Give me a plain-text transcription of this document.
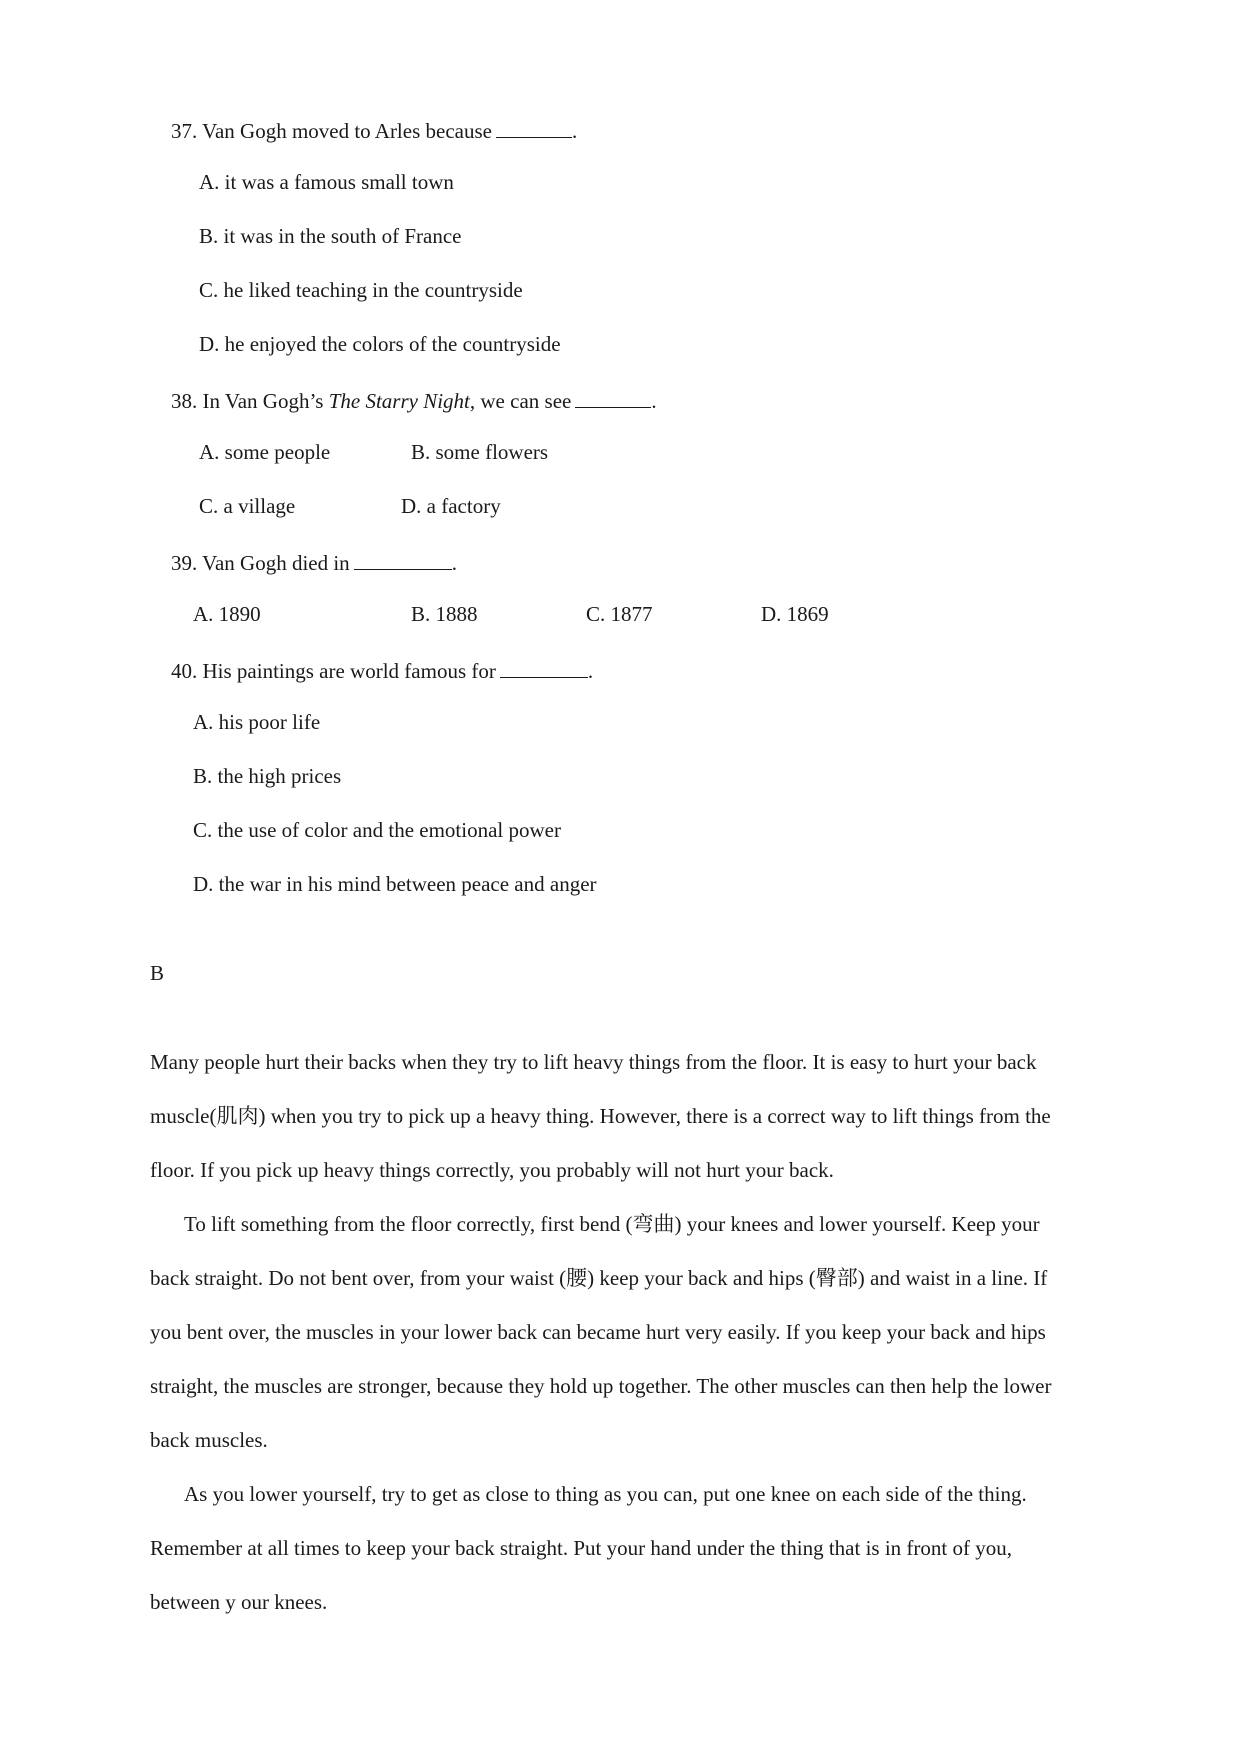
37. Van Gogh moved to Arles because	.
A. it was a famous small town
B. it was in the south of France
C. he liked teaching in the countryside
D. he enjoyed the colors of the countryside
38. In Van Gogh’s The Starry Night, we can see	.
A. some people	B. some flowers
C. a village	D. a factory
39. Van Gogh died in	.
A. 1890	B. 1888	C. 1877	D. 1869
40. His paintings are world famous for	.
A. his poor life
B. the high prices
C. the use of color and the emotional power
D. the war in his mind between peace and anger
B
Many people hurt their backs when they try to lift heavy things from the floor. It is easy to hurt your back
muscle(肌肉) when you try to pick up a heavy thing. However, there is a correct way to lift things from the
floor. If you pick up heavy things correctly, you probably will not hurt your back.
To lift something from the floor correctly, first bend (弯曲) your knees and lower yourself. Keep your
back straight. Do not bent over, from your waist (腰) keep your back and hips (臀部) and waist in a line. If
you bent over, the muscles in your lower back can became hurt very easily. If you keep your back and hips
straight, the muscles are stronger, because they hold up together. The other muscles can then help the lower
back muscles.
As you lower yourself, try to get as close to thing as you can, put one knee on each side of the thing.
Remember at all times to keep your back straight. Put your hand under the thing that is in front of you,
between y our knees.
